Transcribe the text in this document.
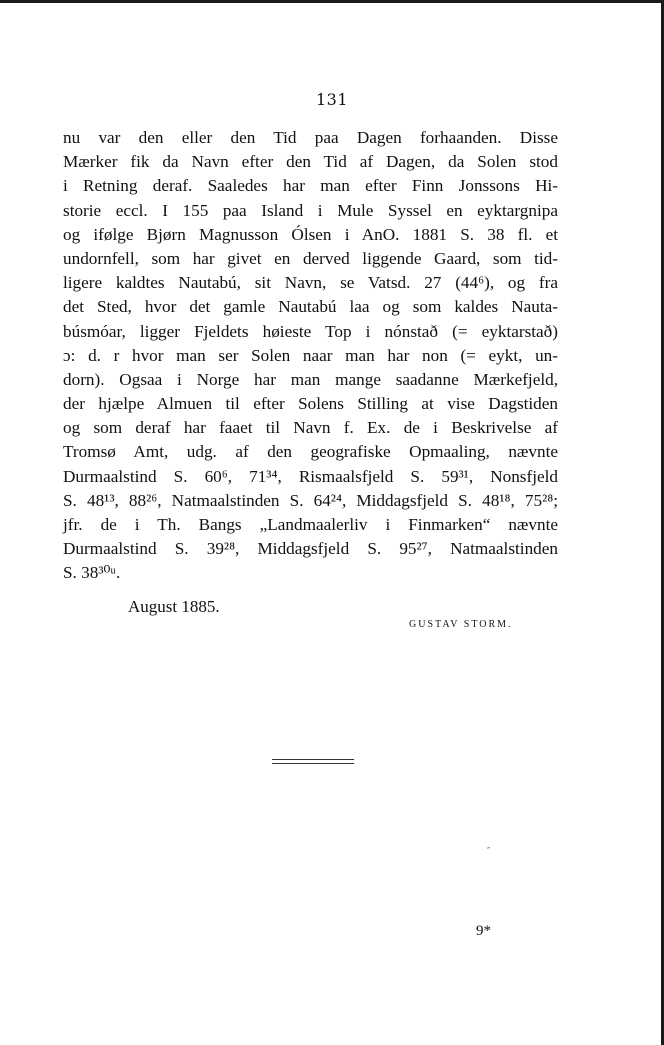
131
nu var den eller den Tid paa Dagen forhaanden. Disse
Mærker fik da Navn efter den Tid af Dagen, da Solen stod
i Retning deraf. Saaledes har man efter Finn Jonssons Hi-
storie eccl. I 155 paa Island i Mule Syssel en eyktargnipa
og ifølge Bjørn Magnusson Ólsen i AnO. 1881 S. 38 fl. et
undornfell, som har givet en derved liggende Gaard, som tid-
ligere kaldtes Nautabú, sit Navn, se Vatsd. 27 (44⁶), og fra
det Sted, hvor det gamle Nautabú laa og som kaldes Nauta-
búsmóar, ligger Fjeldets høieste Top i nónstað (= eyktarstað)
ɔ: d. r hvor man ser Solen naar man har non (= eykt, un-
dorn). Ogsaa i Norge har man mange saadanne Mærkefjeld,
der hjælpe Almuen til efter Solens Stilling at vise Dagstiden
og som deraf har faaet til Navn f. Ex. de i Beskrivelse af
Tromsø Amt, udg. af den geografiske Opmaaling, nævnte
Durmaalstind S. 60⁶, 71³⁴, Rismaalsfjeld S. 59³¹, Nonsfjeld
S. 48¹³, 88²⁶, Natmaalstinden S. 64²⁴, Middagsfjeld S. 48¹⁸, 75²⁸;
jfr. de i Th. Bangs „Landmaalerliv i Finmarken“ nævnte
Durmaalstind S. 39²⁸, Middagsfjeld S. 95²⁷, Natmaalstinden
S. 38³⁰ᵘ.
August 1885.
GUSTAV STORM.
″
9*
